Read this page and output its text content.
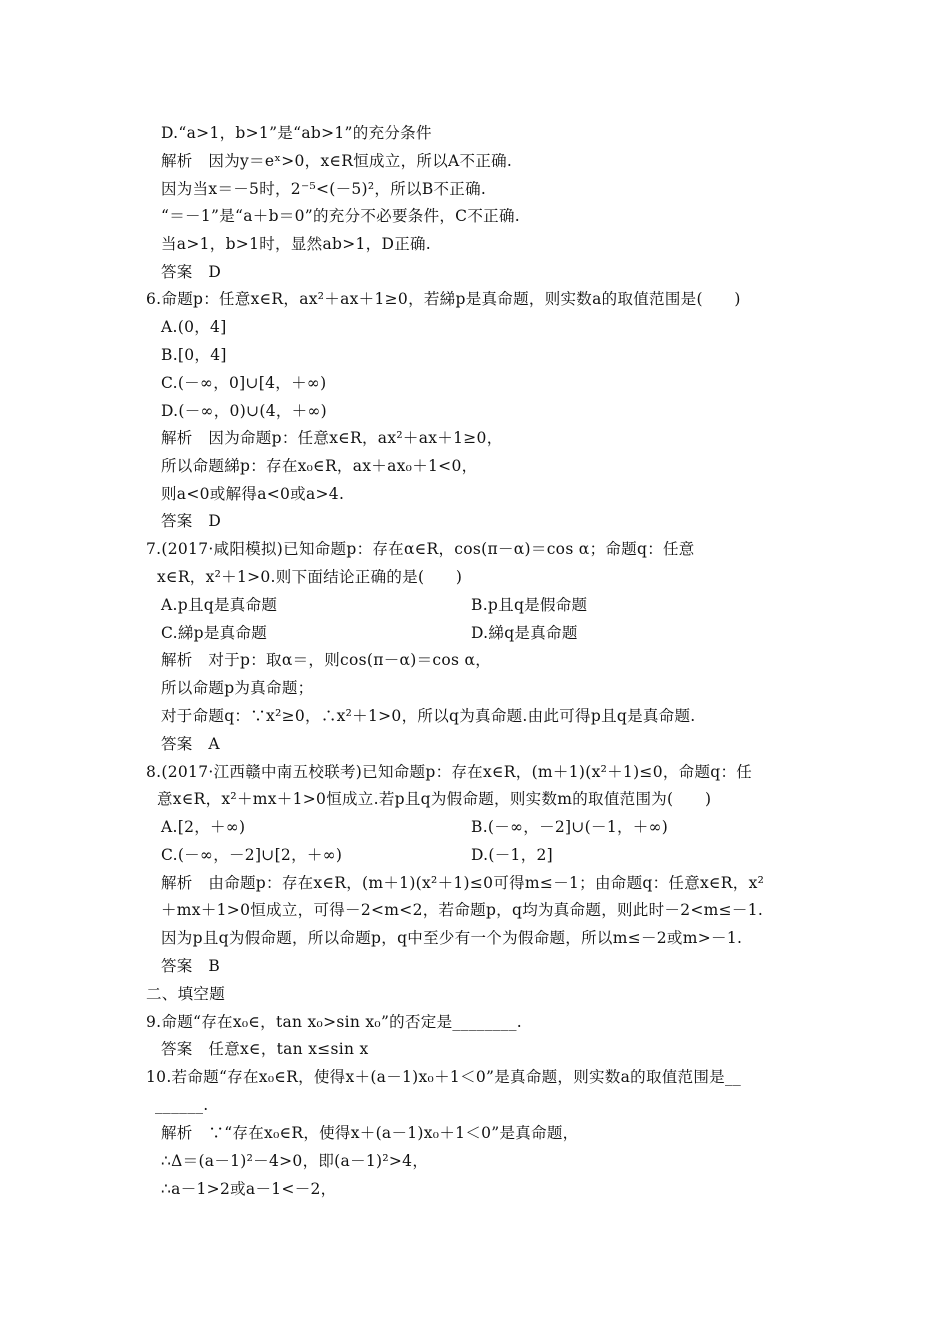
D.“a>1，b>1”是“ab>1”的充分条件
解析　因为y＝eˣ>0，x∈R恒成立，所以A不正确.
因为当x＝－5时，2⁻⁵<(－5)²，所以B不正确.
“＝－1”是“a＋b＝0”的充分不必要条件，C不正确.
当a>1，b>1时，显然ab>1，D正确.
答案　D
6.命题p：任意x∈R，ax²＋ax＋1≥0，若綈p是真命题，则实数a的取值范围是(　　)
A.(0，4]
B.[0，4]
C.(－∞，0]∪[4，＋∞)
D.(－∞，0)∪(4，＋∞)
解析　因为命题p：任意x∈R，ax²＋ax＋1≥0，
所以命题綈p：存在x₀∈R，ax＋ax₀＋1<0，
则a<0或解得a<0或a>4.
答案　D
7.(2017·咸阳模拟)已知命题p：存在α∈R，cos(π－α)＝cos α；命题q：任意
x∈R，x²＋1>0.则下面结论正确的是(　　)
A.p且q是真命题	B.p且q是假命题
C.綈p是真命题	D.綈q是真命题
解析　对于p：取α＝，则cos(π－α)＝cos α，
所以命题p为真命题；
对于命题q：∵x²≥0，∴x²＋1>0，所以q为真命题.由此可得p且q是真命题.
答案　A
8.(2017·江西赣中南五校联考)已知命题p：存在x∈R，(m＋1)(x²＋1)≤0，命题q：任
意x∈R，x²＋mx＋1>0恒成立.若p且q为假命题，则实数m的取值范围为(　　)
A.[2，＋∞)	B.(－∞，－2]∪(－1，＋∞)
C.(－∞，－2]∪[2，＋∞)	D.(－1，2]
解析　由命题p：存在x∈R，(m＋1)(x²＋1)≤0可得m≤－1；由命题q：任意x∈R，x²
＋mx＋1>0恒成立，可得－2<m<2，若命题p，q均为真命题，则此时－2<m≤－1.
因为p且q为假命题，所以命题p，q中至少有一个为假命题，所以m≤－2或m>－1.
答案　B
二、填空题
9.命题“存在x₀∈，tan x₀>sin x₀”的否定是________.
答案　任意x∈，tan x≤sin x
10.若命题“存在x₀∈R，使得x＋(a－1)x₀＋1＜0”是真命题，则实数a的取值范围是__
______.
解析　∵“存在x₀∈R，使得x＋(a－1)x₀＋1＜0”是真命题，
∴Δ＝(a－1)²－4>0，即(a－1)²>4，
∴a－1>2或a－1<－2，
